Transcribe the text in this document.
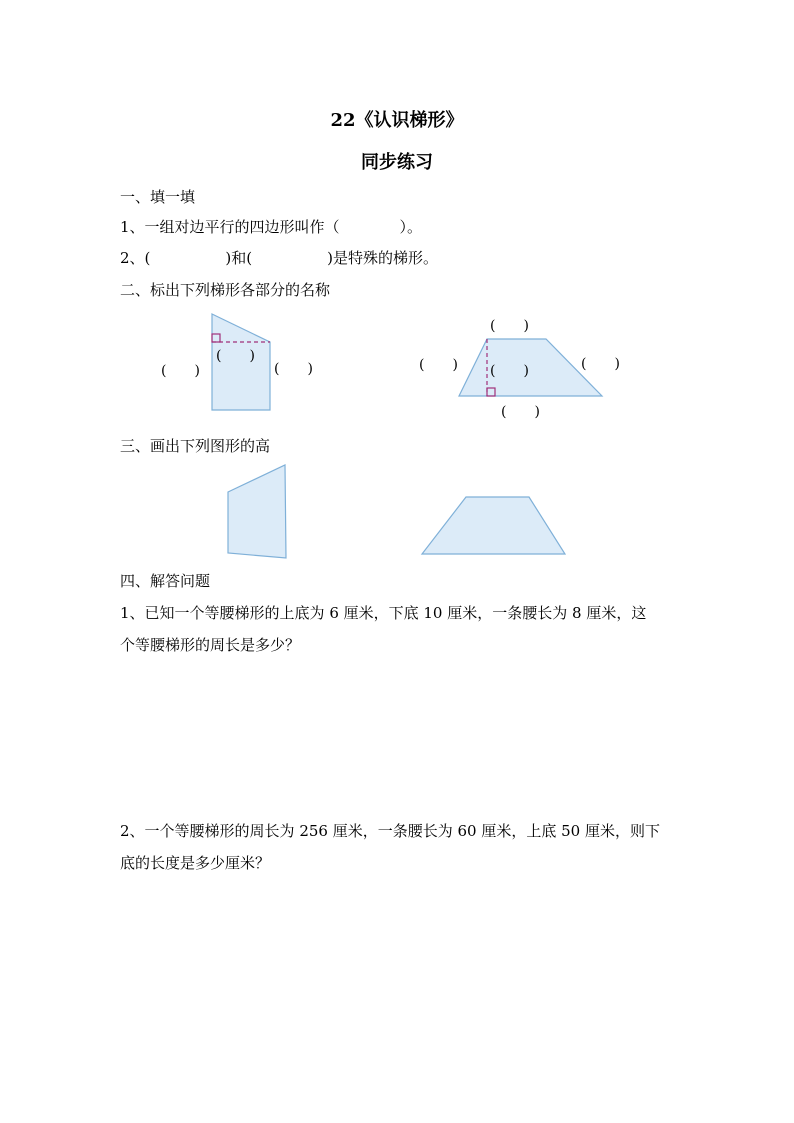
22《认识梯形》
同步练习
一、填一填
1、一组对边平行的四边形叫作（　　　　）。
2、(　　　　　)和(　　　　　)是特殊的梯形。
二、标出下列梯形各部分的名称
(　　)
(　　)	(　　)
(　　)
(　　) (　　)	(　　)
(　　)
三、画出下列图形的高
四、解答问题
1、已知一个等腰梯形的上底为 6 厘米，下底 10 厘米，一条腰长为 8 厘米，这
个等腰梯形的周长是多少？
2、一个等腰梯形的周长为 256 厘米，一条腰长为 60 厘米，上底 50 厘米，则下
底的长度是多少厘米？
